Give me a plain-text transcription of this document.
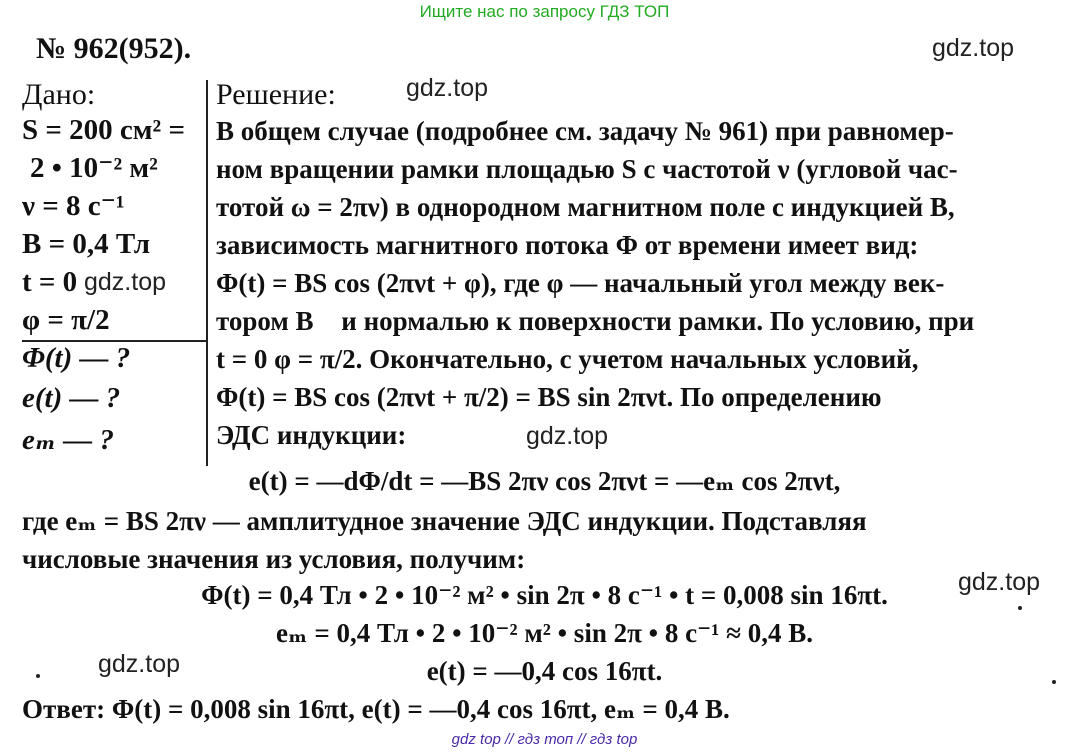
Ищите нас по запросу ГДЗ ТОП
№ 962(952).	gdz.top
Дано:
S = 200 см² =
2 • 10⁻² м²
ν = 8 с⁻¹
B = 0,4 Тл
t = 0 gdz.top
φ = π/2
Φ(t) — ?
e(t) — ?
eₘ — ?
Решение:	gdz.top
В общем случае (подробнее см. задачу № 961) при равномер-
ном вращении рамки площадью S с частотой ν (угловой час-
тотой ω = 2πν) в однородном магнитном поле с индукцией B,
зависимость магнитного потока Φ от времени имеет вид:
Φ(t) = BS cos (2πνt + φ), где φ — начальный угол между век-
тором B⃗ и нормалью к поверхности рамки. По условию, при
t = 0 φ = π/2. Окончательно, с учетом начальных условий,
Φ(t) = BS cos (2πνt + π/2) = BS sin 2πνt. По определению
ЭДС индукции:	gdz.top
e(t) = —dΦ/dt = —BS 2πν cos 2πνt = —eₘ cos 2πνt,
где eₘ = BS 2πν — амплитудное значение ЭДС индукции. Подставляя
числовые значения из условия, получим:
gdz.top
Φ(t) = 0,4 Тл • 2 • 10⁻² м² • sin 2π • 8 с⁻¹ • t = 0,008 sin 16πt.
eₘ = 0,4 Тл • 2 • 10⁻² м² • sin 2π • 8 с⁻¹ ≈ 0,4 В.
gdz.top	e(t) = —0,4 cos 16πt.
Ответ: Φ(t) = 0,008 sin 16πt, e(t) = —0,4 cos 16πt, eₘ = 0,4 В.
gdz top // гдз топ // гдз top
